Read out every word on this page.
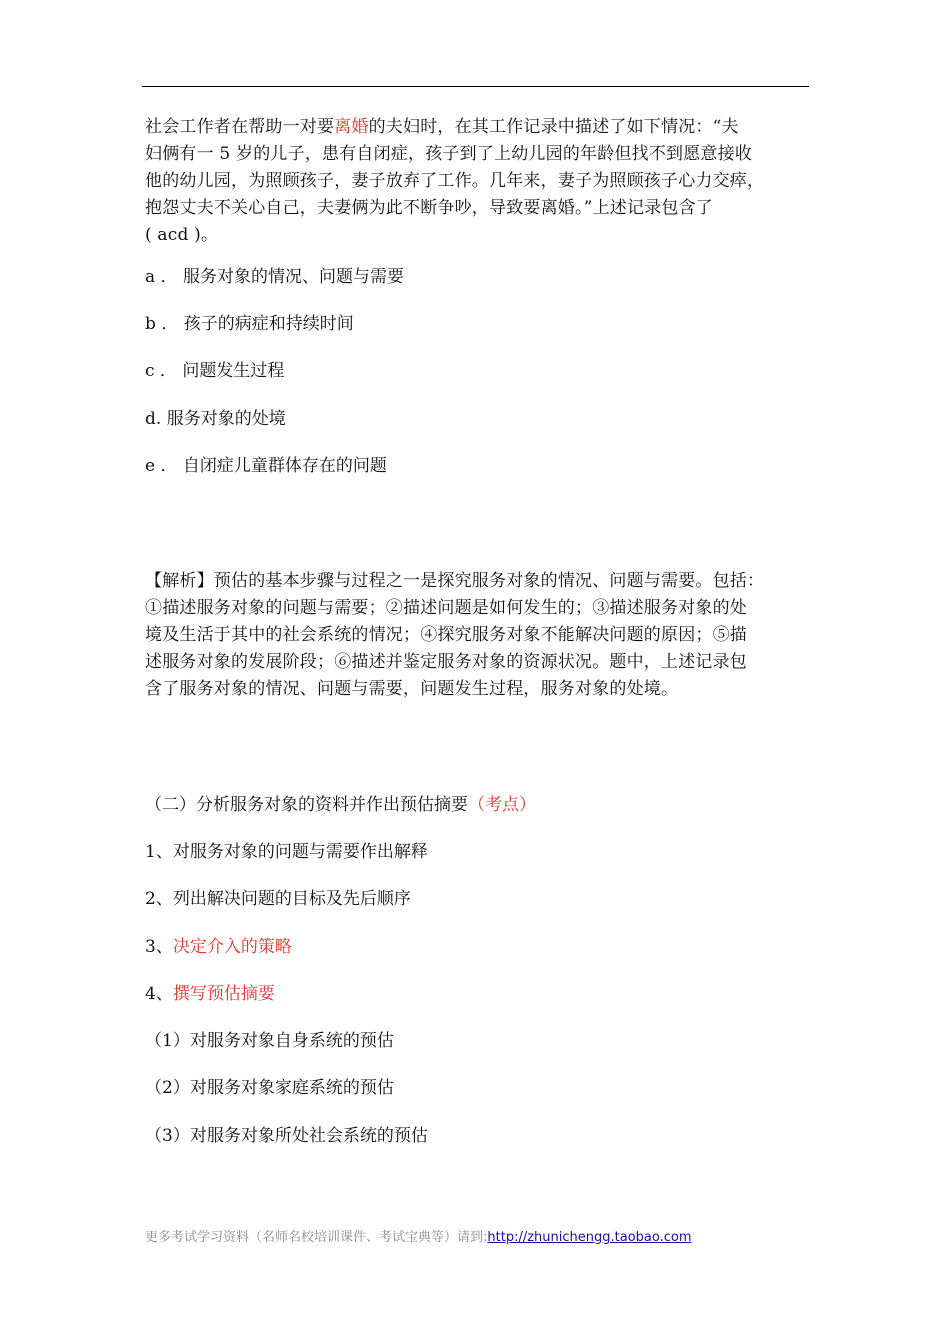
社会工作者在帮助一对要离婚的夫妇时，在其工作记录中描述了如下情况：“夫
妇俩有一 5 岁的儿子，患有自闭症，孩子到了上幼儿园的年龄但找不到愿意接收
他的幼儿园，为照顾孩子，妻子放弃了工作。几年来，妻子为照顾孩子心力交瘁，
抱怨丈夫不关心自己，夫妻俩为此不断争吵，导致要离婚。”上述记录包含了
( acd )。
a ． 服务对象的情况、问题与需要
b ． 孩子的病症和持续时间
c ． 问题发生过程
d. 服务对象的处境
e ． 自闭症儿童群体存在的问题
【解析】预估的基本步骤与过程之一是探究服务对象的情况、问题与需要。包括：
①描述服务对象的问题与需要；②描述问题是如何发生的；③描述服务对象的处
境及生活于其中的社会系统的情况；④探究服务对象不能解决问题的原因；⑤描
述服务对象的发展阶段；⑥描述并鉴定服务对象的资源状况。题中，上述记录包
含了服务对象的情况、问题与需要，问题发生过程，服务对象的处境。
（二）分析服务对象的资料并作出预估摘要（考点）
1、对服务对象的问题与需要作出解释
2、列出解决问题的目标及先后顺序
3、决定介入的策略
4、撰写预估摘要
（1）对服务对象自身系统的预估
（2）对服务对象家庭系统的预估
（3）对服务对象所处社会系统的预估
更多考试学习资料（名师名校培训课件、考试宝典等）请到:http://zhunichengg.taobao.com
